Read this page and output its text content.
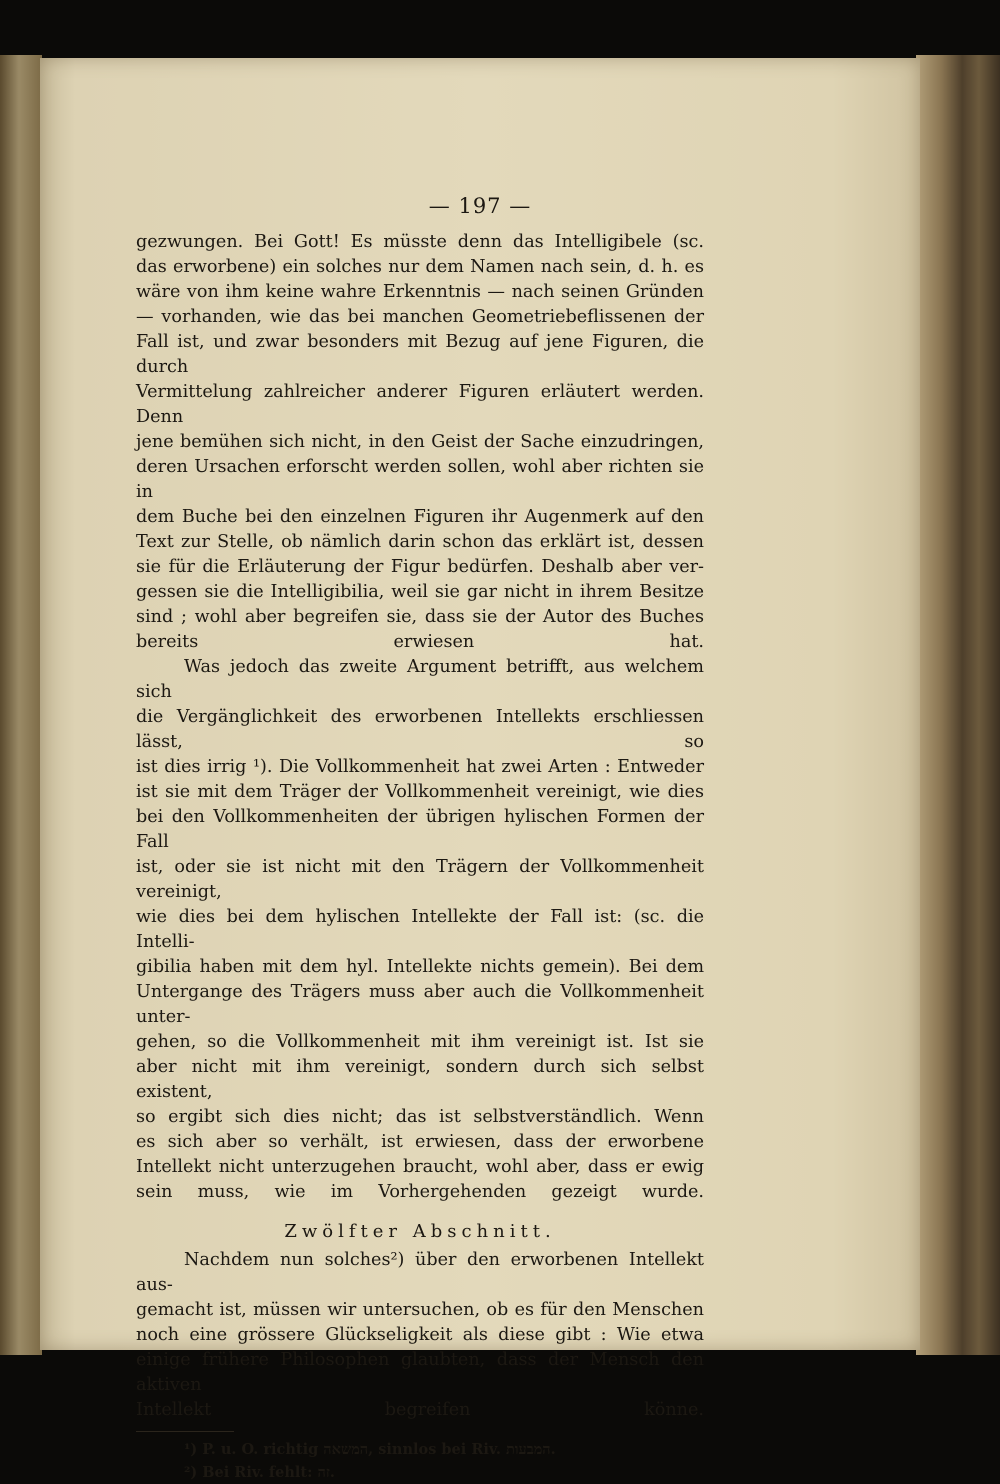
— 197 —

gezwungen. Bei Gott! Es müsste denn das Intelligibele (sc.
das erworbene) ein solches nur dem Namen nach sein, d. h. es
wäre von ihm keine wahre Erkenntnis — nach seinen Gründen
— vorhanden, wie das bei manchen Geometriebeflissenen der
Fall ist, und zwar besonders mit Bezug auf jene Figuren, die durch
Vermittelung zahlreicher anderer Figuren erläutert werden. Denn
jene bemühen sich nicht, in den Geist der Sache einzudringen,
deren Ursachen erforscht werden sollen, wohl aber richten sie in
dem Buche bei den einzelnen Figuren ihr Augenmerk auf den
Text zur Stelle, ob nämlich darin schon das erklärt ist, dessen
sie für die Erläuterung der Figur bedürfen. Deshalb aber ver-
gessen sie die Intelligibilia, weil sie gar nicht in ihrem Besitze
sind ; wohl aber begreifen sie, dass sie der Autor des Buches
bereits erwiesen hat.

Was jedoch das zweite Argument betrifft, aus welchem sich
die Vergänglichkeit des erworbenen Intellekts erschliessen lässt, so
ist dies irrig ¹). Die Vollkommenheit hat zwei Arten : Entweder
ist sie mit dem Träger der Vollkommenheit vereinigt, wie dies
bei den Vollkommenheiten der übrigen hylischen Formen der Fall
ist, oder sie ist nicht mit den Trägern der Vollkommenheit vereinigt,
wie dies bei dem hylischen Intellekte der Fall ist: (sc. die Intelli-
gibilia haben mit dem hyl. Intellekte nichts gemein). Bei dem
Untergange des Trägers muss aber auch die Vollkommenheit unter-
gehen, so die Vollkommenheit mit ihm vereinigt ist. Ist sie
aber nicht mit ihm vereinigt, sondern durch sich selbst existent,
so ergibt sich dies nicht; das ist selbstverständlich. Wenn
es sich aber so verhält, ist erwiesen, dass der erworbene
Intellekt nicht unterzugehen braucht, wohl aber, dass er ewig
sein muss, wie im Vorhergehenden gezeigt wurde.

Zwölfter Abschnitt.

Nachdem nun solches²) über den erworbenen Intellekt aus-
gemacht ist, müssen wir untersuchen, ob es für den Menschen
noch eine grössere Glückseligkeit als diese gibt : Wie etwa
einige frühere Philosophen glaubten, dass der Mensch den aktiven
Intellekt begreifen könne.

¹) P. u. O. richtig המשאה, sinnlos bei Riv. המבעות.
²) Bei Riv. fehlt: זה.
